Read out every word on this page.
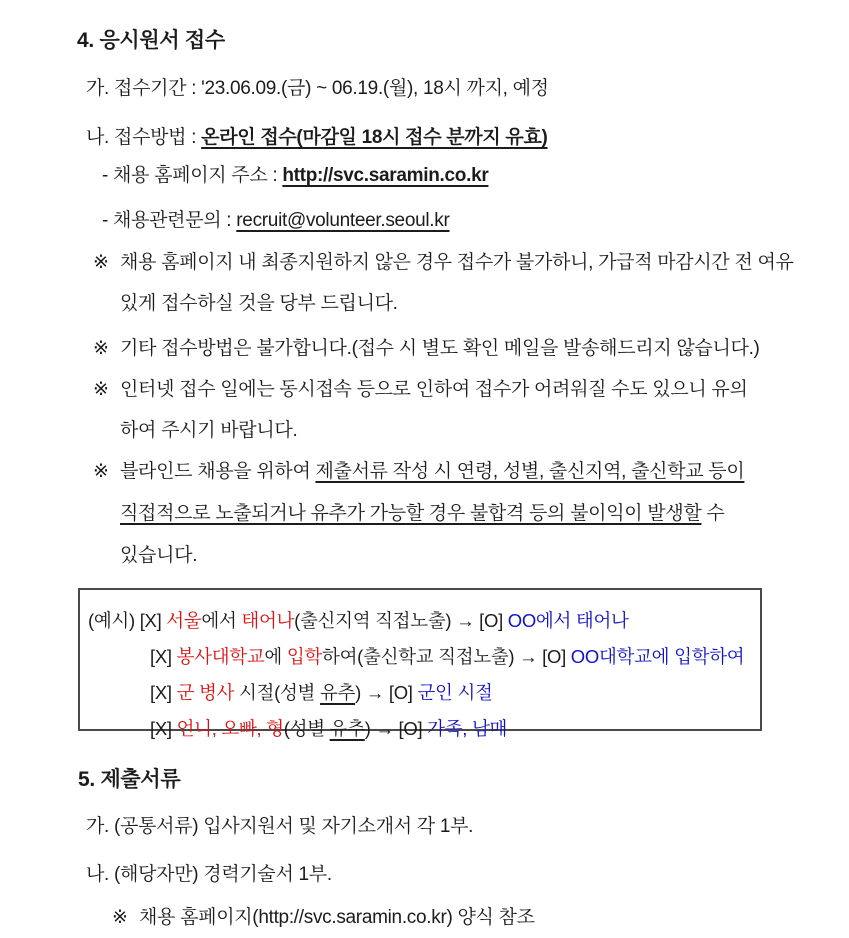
4. 응시원서 접수
가. 접수기간 : '23.06.09.(금) ~ 06.19.(월), 18시 까지, 예정
나. 접수방법 : 온라인 접수(마감일 18시 접수 분까지 유효)
- 채용 홈페이지 주소 : http://svc.saramin.co.kr
- 채용관련문의 : recruit@volunteer.seoul.kr
※ 채용 홈페이지 내 최종지원하지 않은 경우 접수가 불가하니, 가급적 마감시간 전 여유
있게 접수하실 것을 당부 드립니다.
※ 기타 접수방법은 불가합니다.(접수 시 별도 확인 메일을 발송해드리지 않습니다.)
※ 인터넷 접수 일에는 동시접속 등으로 인하여 접수가 어려워질 수도 있으니 유의
하여 주시기 바랍니다.
※ 블라인드 채용을 위하여 제출서류 작성 시 연령, 성별, 출신지역, 출신학교 등이
직접적으로 노출되거나 유추가 가능할 경우 불합격 등의 불이익이 발생할 수
있습니다.
(예시) [X] 서울에서 태어나(출신지역 직접노출) → [O] OO에서 태어나
[X] 봉사대학교에 입학하여(출신학교 직접노출) → [O] OO대학교에 입학하여
[X] 군 병사 시절(성별 유추) → [O] 군인 시절
[X] 언니, 오빠, 형(성별 유추) → [O] 가족, 남매
5. 제출서류
가. (공통서류) 입사지원서 및 자기소개서 각 1부.
나. (해당자만) 경력기술서 1부.
※ 채용 홈페이지(http://svc.saramin.co.kr) 양식 참조
